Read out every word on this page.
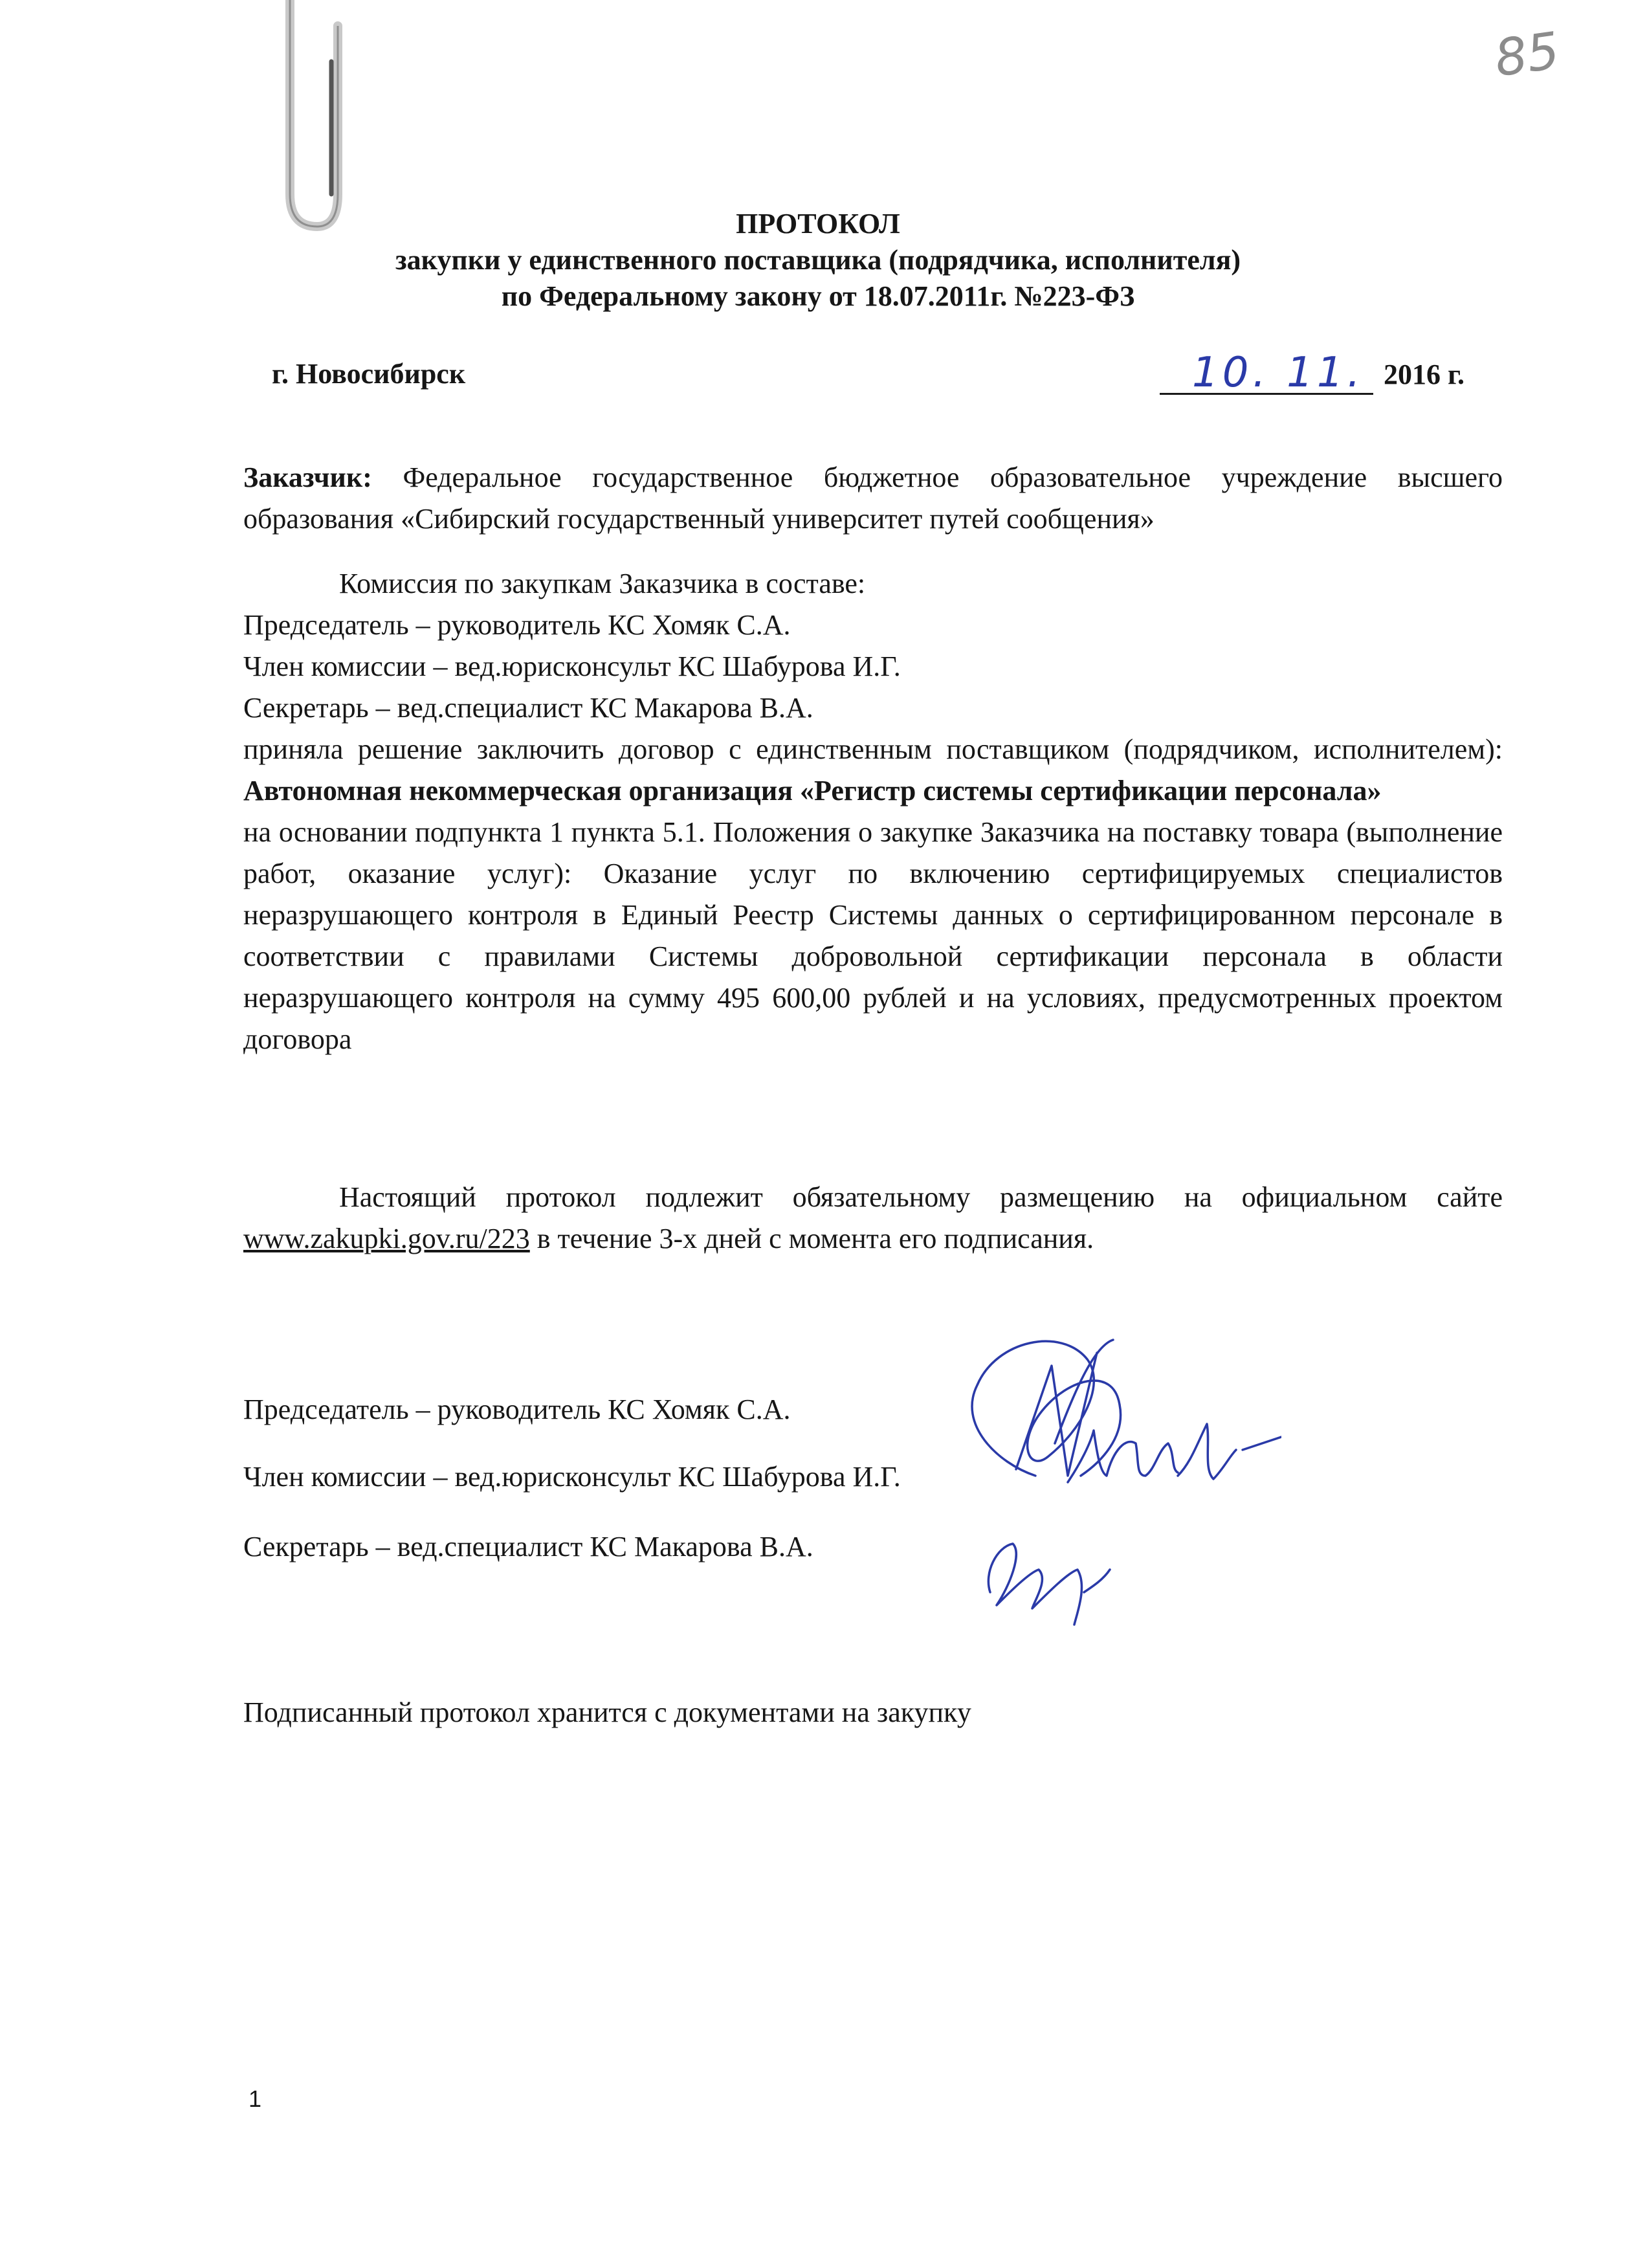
85
ПРОТОКОЛ
закупки у единственного поставщика (подрядчика, исполнителя)
по Федеральному закону от 18.07.2011г. №223-ФЗ
г. Новосибирск	10. 11. 2016 г.

Заказчик: Федеральное государственное бюджетное образовательное учреждение высшего образования «Сибирский государственный университет путей сообщения»

Комиссия по закупкам Заказчика в составе:

Председатель – руководитель КС Хомяк С.А.

Член комиссии – вед.юрисконсульт КС Шабурова И.Г.

Секретарь – вед.специалист КС Макарова В.А.

приняла решение заключить договор с единственным поставщиком (подрядчиком, исполнителем): Автономная некоммерческая организация «Регистр системы сертификации персонала»

на основании подпункта 1 пункта 5.1. Положения о закупке Заказчика на поставку товара (выполнение работ, оказание услуг): Оказание услуг по включению сертифицируемых специалистов неразрушающего контроля в Единый Реестр Системы данных о сертифицированном персонале в соответствии с правилами Системы добровольной сертификации персонала в области неразрушающего контроля на сумму 495 600,00 рублей и на условиях, предусмотренных проектом договора

Настоящий протокол подлежит обязательному размещению на официальном сайте www.zakupki.gov.ru/223 в течение 3-х дней с момента его подписания.

Председатель – руководитель КС Хомяк С.А.
Член комиссии – вед.юрисконсульт КС Шабурова И.Г.
Секретарь – вед.специалист КС Макарова В.А.
Подписанный протокол хранится с документами на закупку
1
